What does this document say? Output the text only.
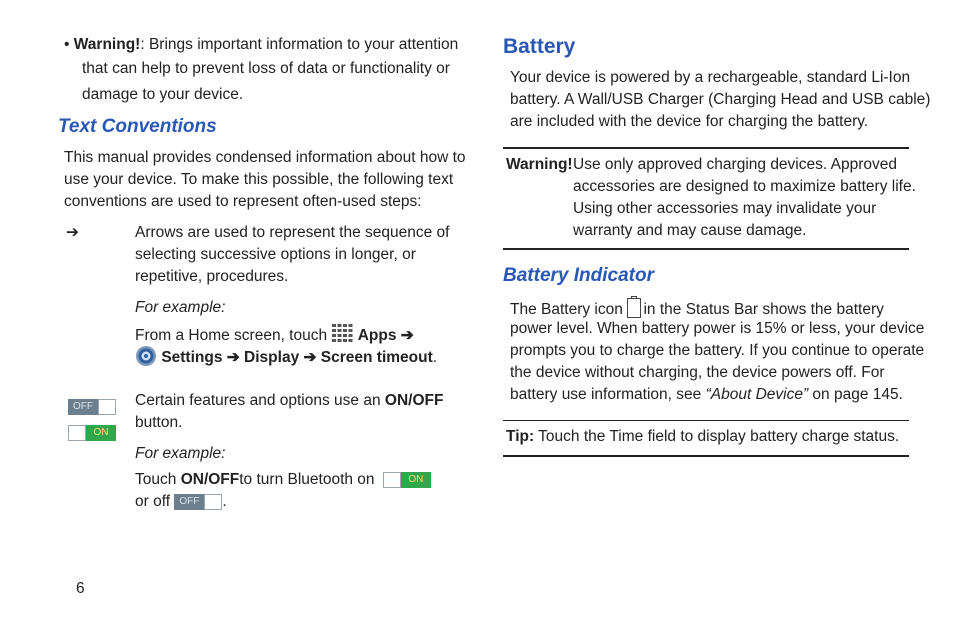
• Warning!: Brings important information to your attention
that can help to prevent loss of data or functionality or
damage to your device.
Text Conventions
This manual provides condensed information about how to
use your device. To make this possible, the following text
conventions are used to represent often-used steps:
➔	Arrows are used to represent the sequence of
selecting successive options in longer, or
repetitive, procedures.
For example:
From a Home screen, touch Apps ➔
Settings ➔ Display ➔ Screen timeout.
OFF
ON
Certain features and options use an ON/OFF
button.
For example:
Touch ON/OFFto turn Bluetooth on	ON
or off OFF	.
Battery
Your device is powered by a rechargeable, standard Li-Ion
battery. A Wall/USB Charger (Charging Head and USB cable)
are included with the device for charging the battery.
Warning! Use only approved charging devices. Approved
accessories are designed to maximize battery life.
Using other accessories may invalidate your
warranty and may cause damage.
Battery Indicator
The Battery icon in the Status Bar shows the battery
power level. When battery power is 15% or less, your device
prompts you to charge the battery. If you continue to operate
the device without charging, the device powers off. For
battery use information, see “About Device” on page 145.
Tip: Touch the Time field to display battery charge status.
6
